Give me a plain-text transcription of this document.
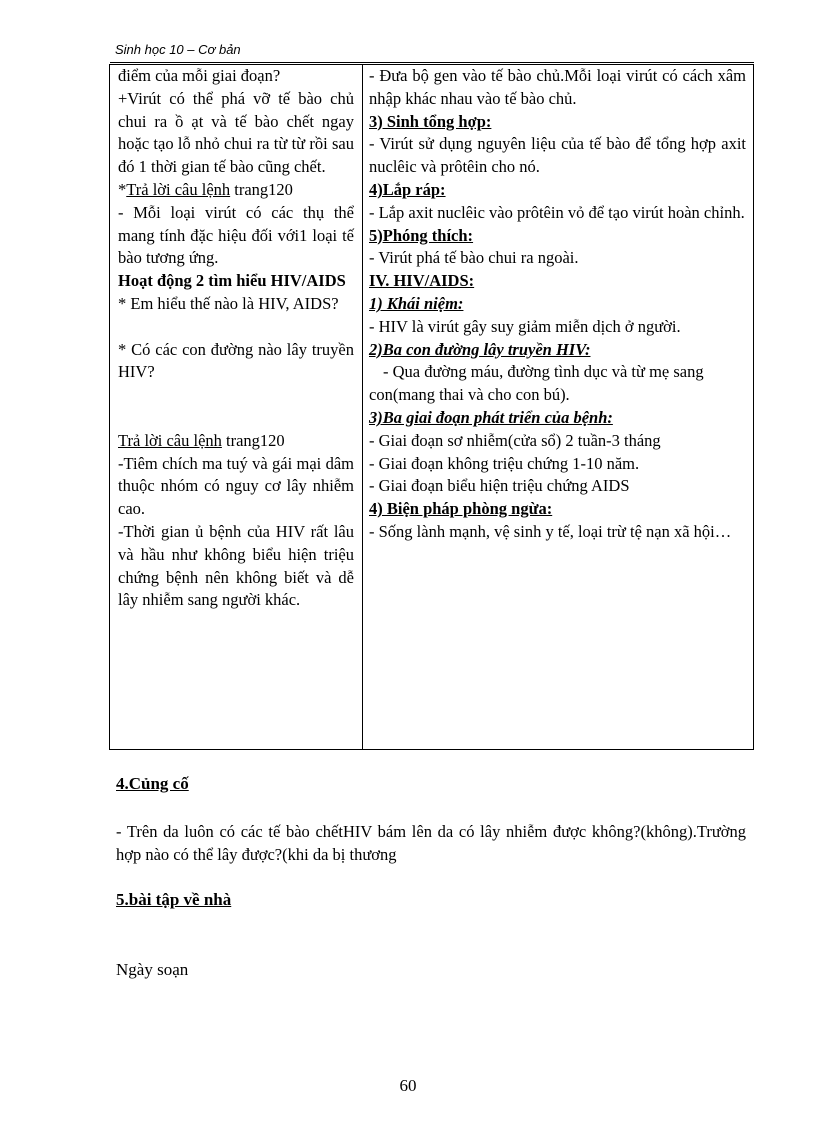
Sinh học 10 – Cơ bản

điểm của mỗi giai đoạn?

+Virút có thể phá vỡ tế bào chủ chui ra ồ ạt và tế bào chết ngay hoặc tạo lỗ nhỏ chui ra từ từ rồi sau đó 1 thời gian tế bào cũng chết.

*Trả lời câu lệnh trang120

- Mỗi loại virút có các thụ thể mang tính đặc hiệu đối với1 loại tế bào tương ứng.

Hoạt động 2 tìm hiểu HIV/AIDS

* Em hiểu thế nào là HIV, AIDS?

* Có các con đường nào lây truyền HIV?

Trả lời câu lệnh trang120

-Tiêm chích ma tuý và gái mại dâm thuộc nhóm có nguy cơ lây nhiễm cao.

-Thời gian ủ bệnh của HIV rất lâu và hầu như không biểu hiện triệu chứng bệnh nên không biết và dễ lây nhiễm sang người khác.

- Đưa bộ gen vào tế bào chủ.Mỗi loại virút có cách xâm nhập khác nhau vào tế bào chủ.

3) Sinh tổng hợp:

- Virút sử dụng nguyên liệu của tế bào để tổng hợp axit nuclêic và prôtêin cho nó.

4)Lắp ráp:

- Lắp axit nuclêic vào prôtêin vỏ để tạo virút hoàn chỉnh.

5)Phóng thích:

- Virút phá tế bào chui ra ngoài.

IV. HIV/AIDS:

1) Khái niệm:

- HIV là virút gây suy giảm miễn dịch ở người.

2)Ba con đường lây truyền HIV:

- Qua đường máu, đường tình dục và từ mẹ sang

con(mang thai và cho con bú).

3)Ba giai đoạn phát triển của bệnh:

- Giai đoạn sơ nhiễm(cửa sổ) 2 tuần-3 tháng

- Giai đoạn không triệu chứng 1-10 năm.

- Giai đoạn biểu hiện triệu chứng AIDS

4) Biện pháp phòng ngừa:

- Sống lành mạnh, vệ sinh y tế, loại trừ tệ nạn xã hội…

4.Củng cố
- Trên da luôn có các tế bào chếtHIV bám lên da có lây nhiễm được không?(không).Trường hợp nào có thể lây được?(khi da bị thương
5.bài tập về nhà
Ngày soạn
60
